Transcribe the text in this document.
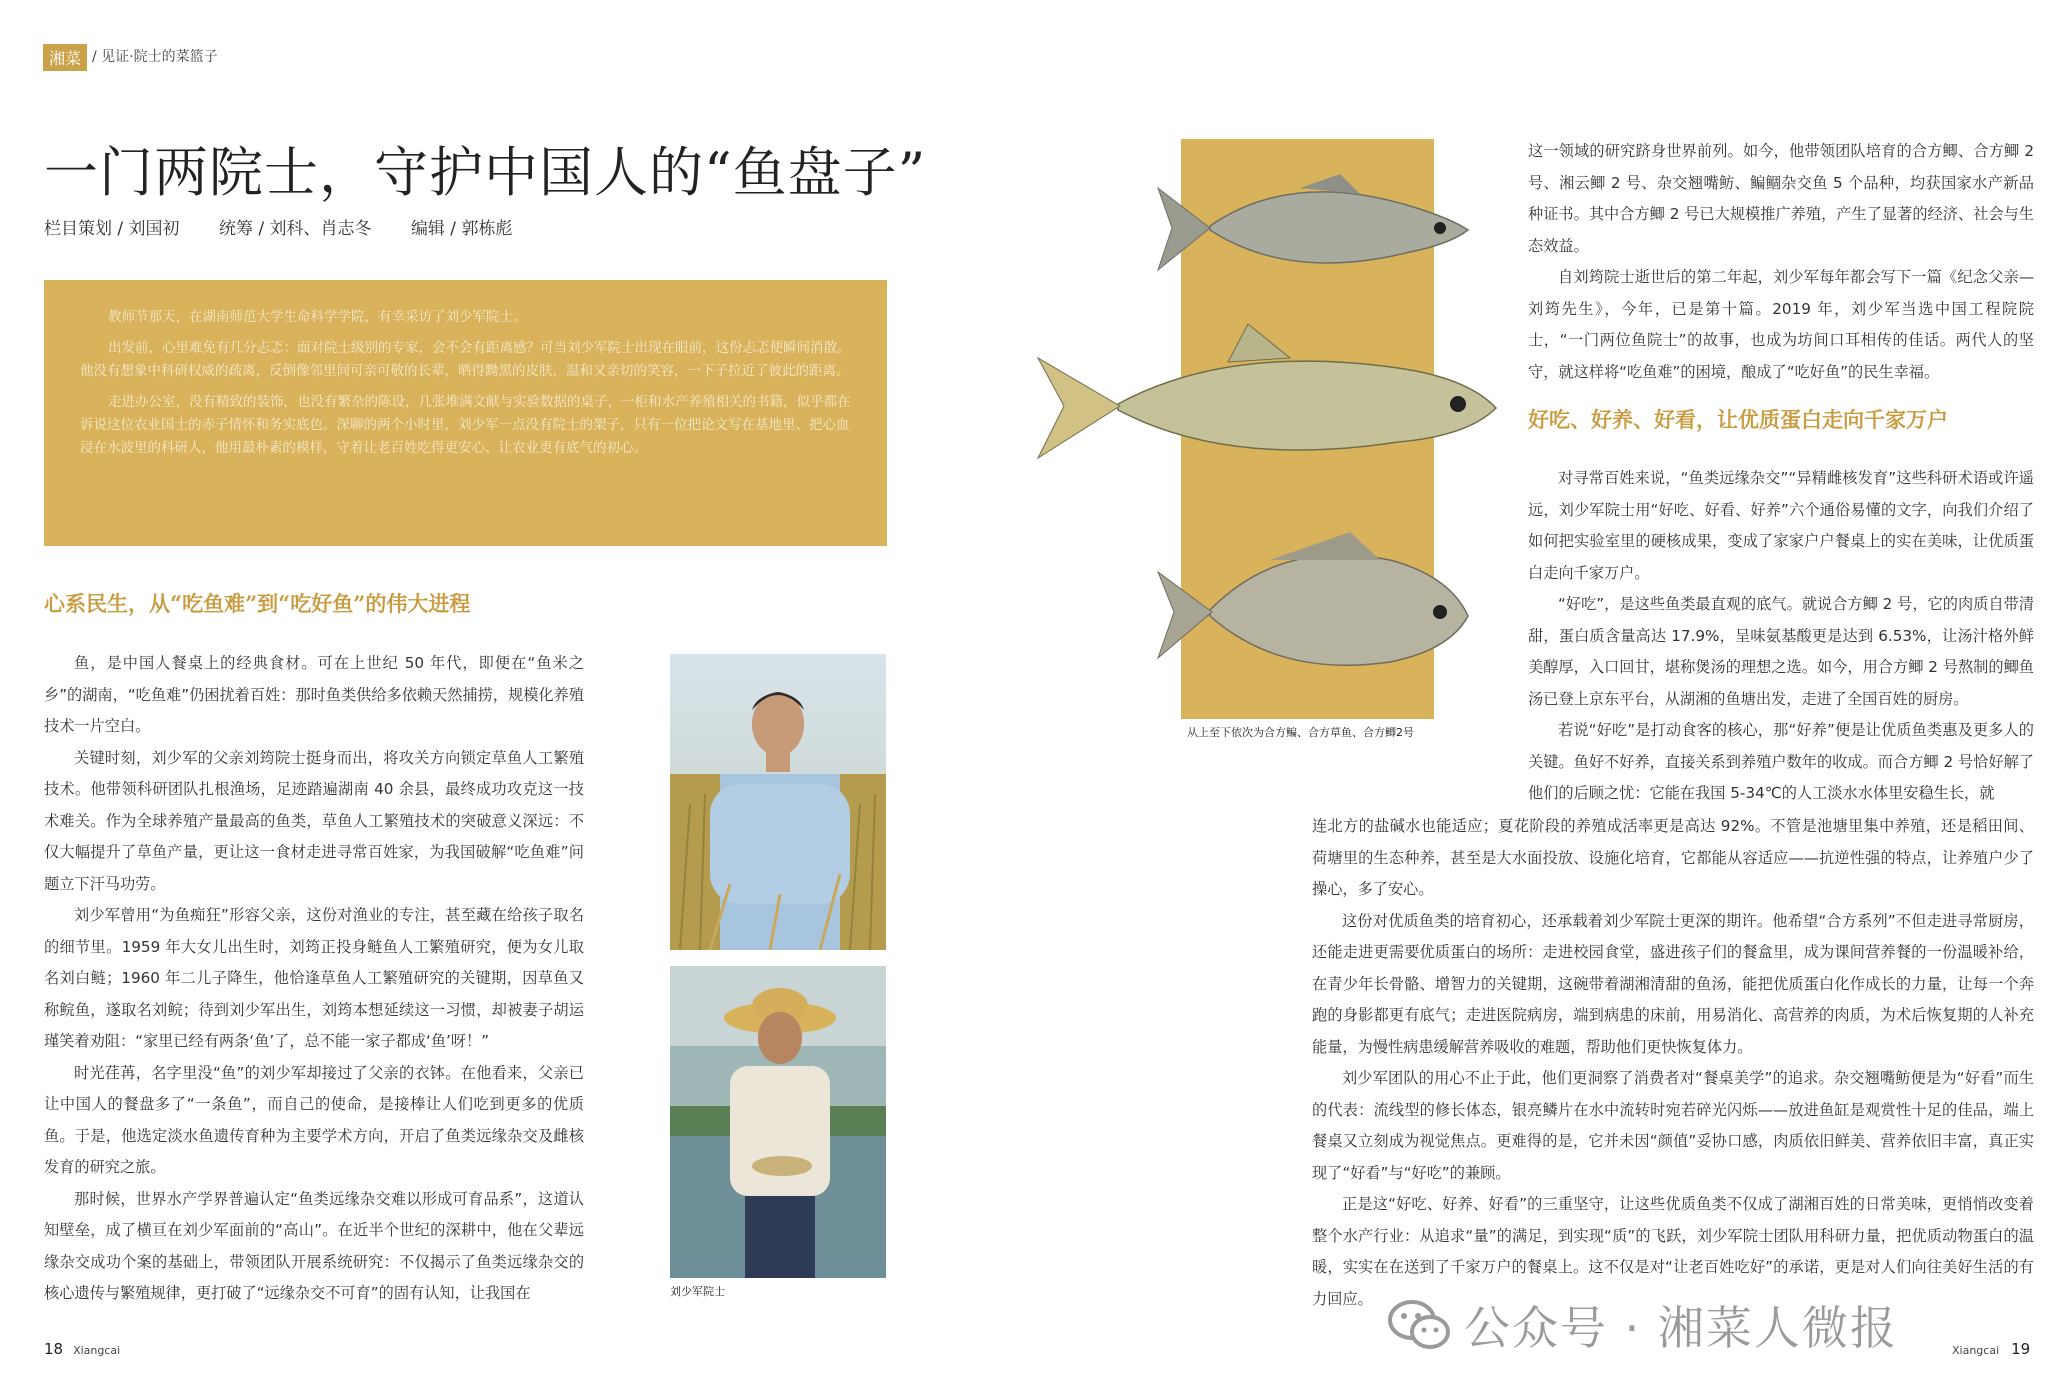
湘菜 / 见证·院士的菜篮子
一门两院士，守护中国人的“鱼盘子”
栏目策划 / 刘国初 统筹 / 刘科、肖志冬 编辑 / 郭栋彪

教师节那天，在湖南师范大学生命科学学院，有幸采访了刘少军院士。

出发前，心里难免有几分忐忑：面对院士级别的专家，会不会有距离感？可当刘少军院士出现在眼前，这份忐忑便瞬间消散。他没有想象中科研权威的疏离，反倒像邻里间可亲可敬的长辈，晒得黝黑的皮肤，温和又亲切的笑容，一下子拉近了彼此的距离。

走进办公室，没有精致的装饰，也没有繁杂的陈设，几张堆满文献与实验数据的桌子，一柜和水产养殖相关的书籍，似乎都在诉说这位农业国士的赤子情怀和务实底色。深聊的两个小时里，刘少军一点没有院士的架子，只有一位把论文写在基地里、把心血浸在水波里的科研人，他用最朴素的模样，守着让老百姓吃得更安心、让农业更有底气的初心。

心系民生，从“吃鱼难”到“吃好鱼”的伟大进程

鱼，是中国人餐桌上的经典食材。可在上世纪 50 年代，即便在“鱼米之乡”的湖南，“吃鱼难”仍困扰着百姓：那时鱼类供给多依赖天然捕捞，规模化养殖技术一片空白。

关键时刻，刘少军的父亲刘筠院士挺身而出，将攻关方向锁定草鱼人工繁殖技术。他带领科研团队扎根渔场，足迹踏遍湖南 40 余县，最终成功攻克这一技术难关。作为全球养殖产量最高的鱼类，草鱼人工繁殖技术的突破意义深远：不仅大幅提升了草鱼产量，更让这一食材走进寻常百姓家，为我国破解“吃鱼难”问题立下汗马功劳。

刘少军曾用“为鱼痴狂”形容父亲，这份对渔业的专注，甚至藏在给孩子取名的细节里。1959 年大女儿出生时，刘筠正投身鲢鱼人工繁殖研究，便为女儿取名刘白鲢；1960 年二儿子降生，他恰逢草鱼人工繁殖研究的关键期，因草鱼又称鲩鱼，遂取名刘鲩；待到刘少军出生，刘筠本想延续这一习惯，却被妻子胡运瑾笑着劝阻：“家里已经有两条‘鱼’了，总不能一家子都成‘鱼’呀！”

时光荏苒，名字里没“鱼”的刘少军却接过了父亲的衣钵。在他看来，父亲已让中国人的餐盘多了“一条鱼”，而自己的使命，是接棒让人们吃到更多的优质鱼。于是，他选定淡水鱼遗传育种为主要学术方向，开启了鱼类远缘杂交及雌核发育的研究之旅。

那时候，世界水产学界普遍认定“鱼类远缘杂交难以形成可育品系”，这道认知壁垒，成了横亘在刘少军面前的“高山”。在近半个世纪的深耕中，他在父辈远缘杂交成功个案的基础上，带领团队开展系统研究：不仅揭示了鱼类远缘杂交的核心遗传与繁殖规律，更打破了“远缘杂交不可育”的固有认知，让我国在	刘少军院士
从上至下依次为合方鳊、合方草鱼、合方鲫2号

这一领域的研究跻身世界前列。如今，他带领团队培育的合方鲫、合方鲫 2 号、湘云鲫 2 号、杂交翘嘴鲂、鳊鲴杂交鱼 5 个品种，均获国家水产新品种证书。其中合方鲫 2 号已大规模推广养殖，产生了显著的经济、社会与生态效益。

自刘筠院士逝世后的第二年起，刘少军每年都会写下一篇《纪念父亲—刘筠先生》，今年，已是第十篇。2019 年，刘少军当选中国工程院院士，“一门两位鱼院士”的故事，也成为坊间口耳相传的佳话。两代人的坚守，就这样将“吃鱼难”的困境，酿成了“吃好鱼”的民生幸福。

好吃、好养、好看，让优质蛋白走向千家万户

对寻常百姓来说，“鱼类远缘杂交”“异精雌核发育”这些科研术语或许遥远，刘少军院士用“好吃、好看、好养”六个通俗易懂的文字，向我们介绍了如何把实验室里的硬核成果，变成了家家户户餐桌上的实在美味，让优质蛋白走向千家万户。

“好吃”，是这些鱼类最直观的底气。就说合方鲫 2 号，它的肉质自带清甜，蛋白质含量高达 17.9%，呈味氨基酸更是达到 6.53%，让汤汁格外鲜美醇厚，入口回甘，堪称煲汤的理想之选。如今，用合方鲫 2 号熬制的鲫鱼汤已登上京东平台，从湖湘的鱼塘出发，走进了全国百姓的厨房。

若说“好吃”是打动食客的核心，那“好养”便是让优质鱼类惠及更多人的关键。鱼好不好养，直接关系到养殖户数年的收成。而合方鲫 2 号恰好解了他们的后顾之忧：它能在我国 5-34℃的人工淡水水体里安稳生长，就

连北方的盐碱水也能适应；夏花阶段的养殖成活率更是高达 92%。不管是池塘里集中养殖，还是稻田间、荷塘里的生态种养，甚至是大水面投放、设施化培育，它都能从容适应——抗逆性强的特点，让养殖户少了操心，多了安心。

这份对优质鱼类的培育初心，还承载着刘少军院士更深的期许。他希望“合方系列”不但走进寻常厨房，还能走进更需要优质蛋白的场所：走进校园食堂，盛进孩子们的餐盒里，成为课间营养餐的一份温暖补给，在青少年长骨骼、增智力的关键期，这碗带着湖湘清甜的鱼汤，能把优质蛋白化作成长的力量，让每一个奔跑的身影都更有底气；走进医院病房，端到病患的床前，用易消化、高营养的肉质，为术后恢复期的人补充能量，为慢性病患缓解营养吸收的难题，帮助他们更快恢复体力。

刘少军团队的用心不止于此，他们更洞察了消费者对“餐桌美学”的追求。杂交翘嘴鲂便是为“好看”而生的代表：流线型的修长体态，银亮鳞片在水中流转时宛若碎光闪烁——放进鱼缸是观赏性十足的佳品，端上餐桌又立刻成为视觉焦点。更难得的是，它并未因“颜值”妥协口感，肉质依旧鲜美、营养依旧丰富，真正实现了“好看”与“好吃”的兼顾。

正是这“好吃、好养、好看”的三重坚守，让这些优质鱼类不仅成了湖湘百姓的日常美味，更悄悄改变着整个水产行业：从追求“量”的满足，到实现“质”的飞跃，刘少军院士团队用科研力量，把优质动物蛋白的温暖，实实在在送到了千家万户的餐桌上。这不仅是对“让老百姓吃好”的承诺，更是对人们向往美好生活的有力回应。

公众号 · 湘菜人微报
18 Xiangcai	Xiangcai 19
